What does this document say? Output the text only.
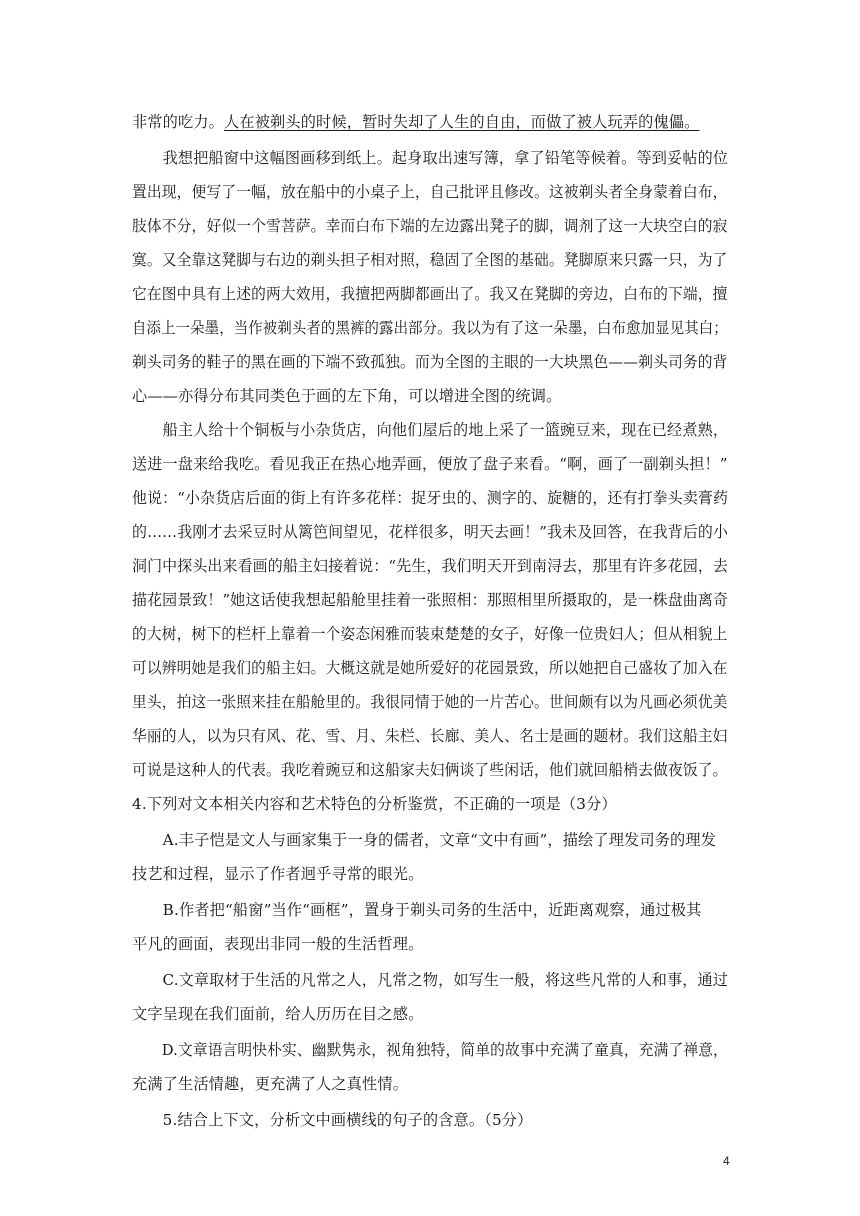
非常的吃力。人在被剃头的时候，暂时失却了人生的自由，而做了被人玩弄的傀儡。
　　我想把船窗中这幅图画移到纸上。起身取出速写簿，拿了铅笔等候着。等到妥帖的位
置出现，便写了一幅，放在船中的小桌子上，自己批评且修改。这被剃头者全身蒙着白布，
肢体不分，好似一个雪菩萨。幸而白布下端的左边露出凳子的脚，调剂了这一大块空白的寂
寞。又全靠这凳脚与右边的剃头担子相对照，稳固了全图的基础。凳脚原来只露一只，为了
它在图中具有上述的两大效用，我擅把两脚都画出了。我又在凳脚的旁边，白布的下端，擅
自添上一朵墨，当作被剃头者的黑裤的露出部分。我以为有了这一朵墨，白布愈加显见其白；
剃头司务的鞋子的黑在画的下端不致孤独。而为全图的主眼的一大块黑色——剃头司务的背
心——亦得分布其同类色于画的左下角，可以增进全图的统调。
　　船主人给十个铜板与小杂货店，向他们屋后的地上采了一篮豌豆来，现在已经煮熟，
送进一盘来给我吃。看见我正在热心地弄画，便放了盘子来看。“啊，画了一副剃头担！”
他说：“小杂货店后面的街上有许多花样：捉牙虫的、测字的、旋糖的，还有打拳头卖膏药
的……我刚才去采豆时从篱笆间望见，花样很多，明天去画！”我未及回答，在我背后的小
洞门中探头出来看画的船主妇接着说：“先生，我们明天开到南浔去，那里有许多花园，去
描花园景致！”她这话使我想起船舱里挂着一张照相：那照相里所摄取的，是一株盘曲离奇
的大树，树下的栏杆上靠着一个姿态闲雅而装束楚楚的女子，好像一位贵妇人；但从相貌上
可以辨明她是我们的船主妇。大概这就是她所爱好的花园景致，所以她把自己盛妆了加入在
里头，拍这一张照来挂在船舱里的。我很同情于她的一片苦心。世间颇有以为凡画必须优美
华丽的人，以为只有风、花、雪、月、朱栏、长廊、美人、名士是画的题材。我们这船主妇
可说是这种人的代表。我吃着豌豆和这船家夫妇俩谈了些闲话，他们就回船梢去做夜饭了。
4.下列对文本相关内容和艺术特色的分析鉴赏，不正确的一项是（3分）
　　A.丰子恺是文人与画家集于一身的儒者，文章“文中有画”，描绘了理发司务的理发
技艺和过程，显示了作者迥乎寻常的眼光。
　　B.作者把“船窗”当作“画框”，置身于剃头司务的生活中，近距离观察，通过极其
平凡的画面，表现出非同一般的生活哲理。
　　C.文章取材于生活的凡常之人，凡常之物，如写生一般，将这些凡常的人和事，通过
文字呈现在我们面前，给人历历在目之感。
　　D.文章语言明快朴实、幽默隽永，视角独特，简单的故事中充满了童真，充满了禅意，
充满了生活情趣，更充满了人之真性情。
　　5.结合上下文，分析文中画横线的句子的含意。（5分）
4
